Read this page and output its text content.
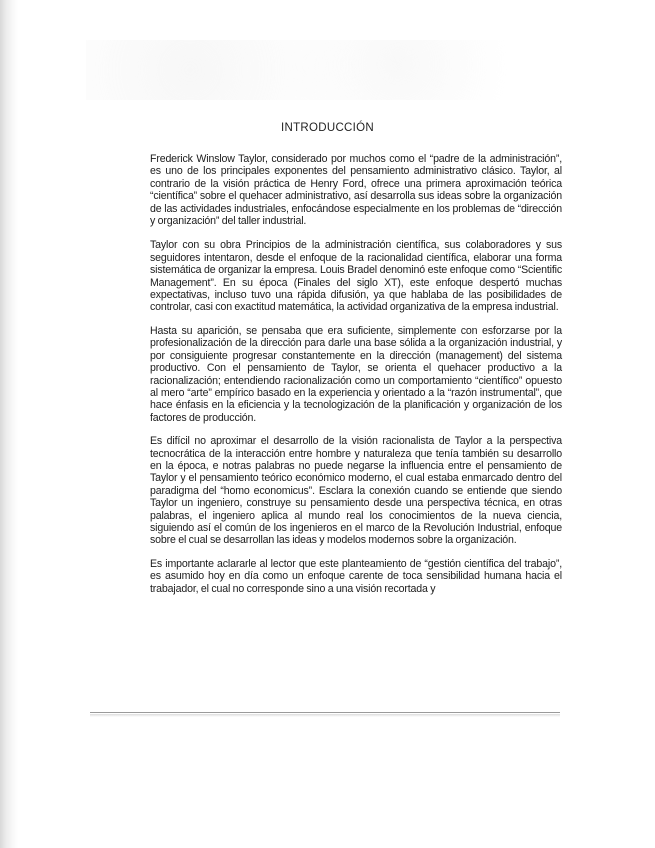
INTRODUCCIÓN

Frederick Winslow Taylor, considerado por muchos como el “padre de la administración”, es uno de los principales exponentes del pensamiento administrativo clásico. Taylor, al contrario de la visión práctica de Henry Ford, ofrece una primera aproximación teórica “científica” sobre el quehacer administrativo, así desarrolla sus ideas sobre la organización de las actividades industriales, enfocándose especialmente en los problemas de “dirección y organización” del taller industrial.

Taylor con su obra Principios de la administración científica, sus colaboradores y sus seguidores intentaron, desde el enfoque de la racionalidad científica, elaborar una forma sistemática de organizar la empresa. Louis Bradel denominó este enfoque como “Scientific Management”. En su época (Finales del siglo XT), este enfoque despertó muchas expectativas, incluso tuvo una rápida difusión, ya que hablaba de las posibilidades de controlar, casi con exactitud matemática, la actividad organizativa de la empresa industrial.

Hasta su aparición, se pensaba que era suficiente, simplemente con esforzarse por la profesionalización de la dirección para darle una base sólida a la organización industrial, y por consiguiente progresar constantemente en la dirección (management) del sistema productivo. Con el pensamiento de Taylor, se orienta el quehacer productivo a la racionalización; entendiendo racionalización como un comportamiento “científico” opuesto al mero “arte” empírico basado en la experiencia y orientado a la “razón instrumental”, que hace énfasis en la eficiencia y la tecnologización de la planificación y organización de los factores de producción.

Es difícil no aproximar el desarrollo de la visión racionalista de Taylor a la perspectiva tecnocrática de la interacción entre hombre y naturaleza que tenía también su desarrollo en la época, e notras palabras no puede negarse la influencia entre el pensamiento de Taylor y el pensamiento teórico económico moderno, el cual estaba enmarcado dentro del paradigma del “homo economicus”. Esclara la conexión cuando se entiende que siendo Taylor un ingeniero, construye su pensamiento desde una perspectiva técnica, en otras palabras, el ingeniero aplica al mundo real los conocimientos de la nueva ciencia, siguiendo así el común de los ingenieros en el marco de la Revolución Industrial, enfoque sobre el cual se desarrollan las ideas y modelos modernos sobre la organización.

Es importante aclararle al lector que este planteamiento de “gestión científica del trabajo”, es asumido hoy en día como un enfoque carente de toca sensibilidad humana hacia el trabajador, el cual no corresponde sino a una visión recortada y
